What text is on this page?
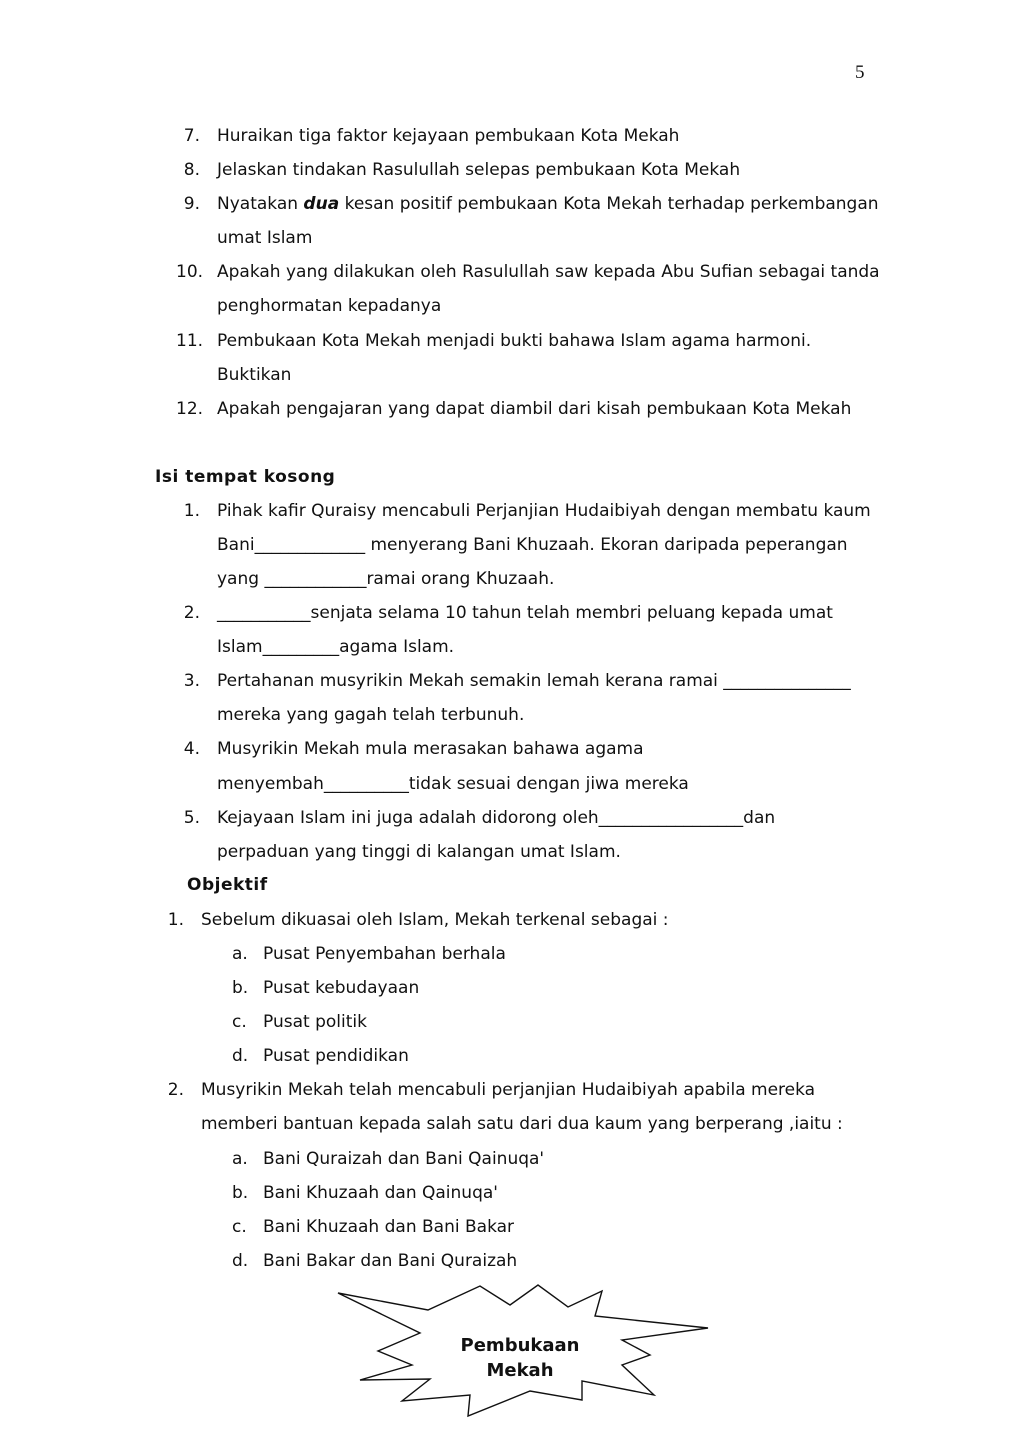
5
7. Huraikan tiga faktor kejayaan pembukaan Kota Mekah
8. Jelaskan tindakan Rasulullah selepas pembukaan Kota Mekah
9. Nyatakan dua kesan positif pembukaan Kota Mekah terhadap perkembangan
umat Islam
10. Apakah yang dilakukan oleh Rasulullah saw kepada Abu Sufian sebagai tanda
penghormatan kepadanya
11. Pembukaan Kota Mekah menjadi bukti bahawa Islam agama harmoni.
Buktikan
12. Apakah pengajaran yang dapat diambil dari kisah pembukaan Kota Mekah
Isi tempat kosong
1. Pihak kafir Quraisy mencabuli Perjanjian Hudaibiyah dengan membatu kaum
Bani_____________ menyerang Bani Khuzaah. Ekoran daripada peperangan
yang ____________ramai orang Khuzaah.
2. ___________senjata selama 10 tahun telah membri peluang kepada umat
Islam_________agama Islam.
3. Pertahanan musyrikin Mekah semakin lemah kerana ramai _______________
mereka yang gagah telah terbunuh.
4. Musyrikin Mekah mula merasakan bahawa agama
menyembah__________tidak sesuai dengan jiwa mereka
5. Kejayaan Islam ini juga adalah didorong oleh_________________dan
perpaduan yang tinggi di kalangan umat Islam.
Objektif
1. Sebelum dikuasai oleh Islam, Mekah terkenal sebagai :
a. Pusat Penyembahan berhala
b. Pusat kebudayaan
c. Pusat politik
d. Pusat pendidikan
2. Musyrikin Mekah telah mencabuli perjanjian Hudaibiyah apabila mereka
memberi bantuan kepada salah satu dari dua kaum yang berperang ,iaitu :
a. Bani Quraizah dan Bani Qainuqa'
b. Bani Khuzaah dan Qainuqa'
c. Bani Khuzaah dan Bani Bakar
d. Bani Bakar dan Bani Quraizah
Pembukaan
Mekah
